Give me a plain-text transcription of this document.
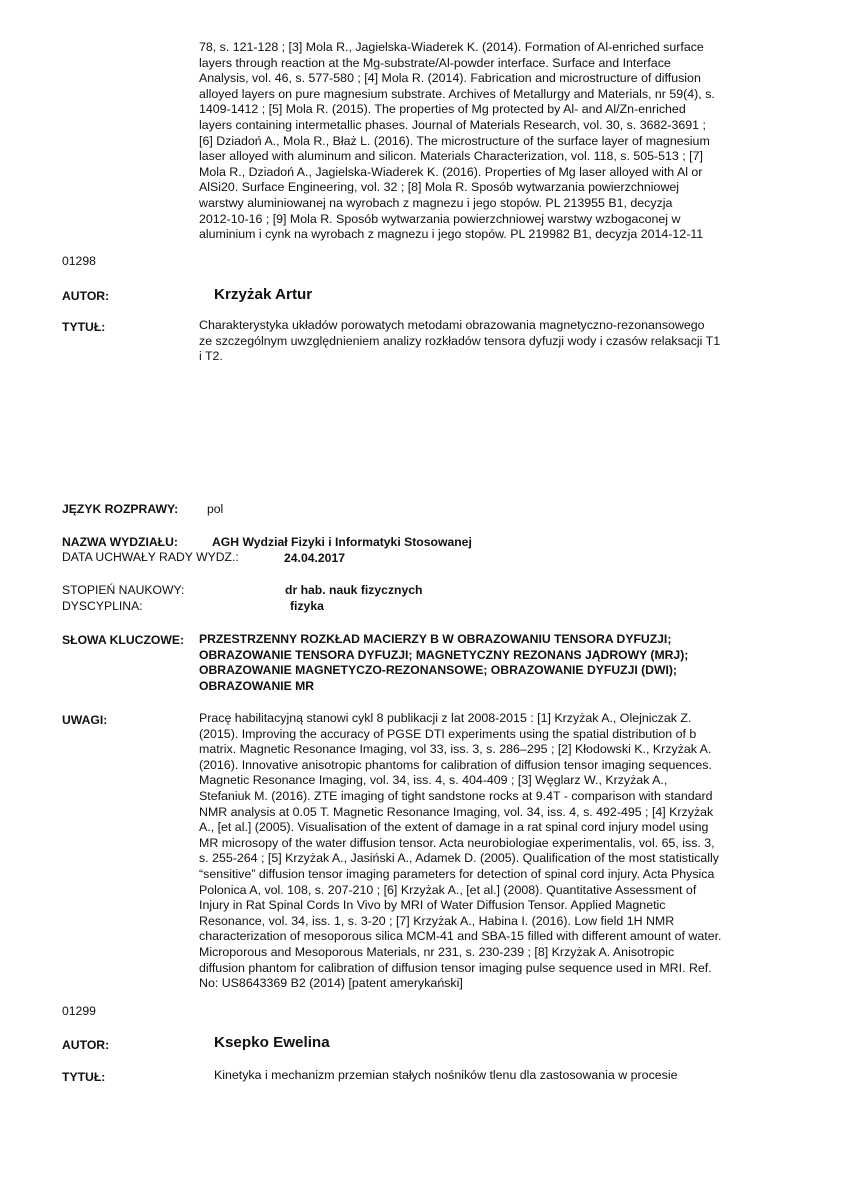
78, s. 121-128 ; [3] Mola R., Jagielska-Wiaderek K. (2014). Formation of Al-enriched surface
layers through reaction at the Mg-substrate/Al-powder interface. Surface and Interface
Analysis, vol. 46, s. 577-580 ; [4] Mola R. (2014). Fabrication and microstructure of diffusion
alloyed layers on pure magnesium substrate. Archives of Metallurgy and Materials, nr 59(4), s.
1409-1412 ; [5] Mola R. (2015). The properties of Mg protected by Al- and Al/Zn-enriched
layers containing intermetallic phases. Journal of Materials Research, vol. 30, s. 3682-3691 ;
[6] Dziadoń A., Mola R., Błaż L. (2016). The microstructure of the surface layer of magnesium
laser alloyed with aluminum and silicon. Materials Characterization, vol. 118, s. 505-513 ; [7]
Mola R., Dziadoń A., Jagielska-Wiaderek K. (2016). Properties of Mg laser alloyed with Al or
AlSi20. Surface Engineering, vol. 32 ; [8] Mola R. Sposób wytwarzania powierzchniowej
warstwy aluminiowanej na wyrobach z magnezu i jego stopów. PL 213955 B1, decyzja
2012-10-16 ; [9] Mola R. Sposób wytwarzania powierzchniowej warstwy wzbogaconej w
aluminium i cynk na wyrobach z magnezu i jego stopów. PL 219982 B1, decyzja 2014-12-11

01298
AUTOR:	Krzyżak Artur
TYTUŁ:	Charakterystyka układów porowatych metodami obrazowania magnetyczno-rezonansowego
ze szczególnym uwzględnieniem analizy rozkładów tensora dyfuzji wody i czasów relaksacji T1
i T2.

JĘZYK ROZPRAWY: pol
NAZWA WYDZIAŁU:	AGH Wydział Fizyki i Informatyki Stosowanej
DATA UCHWAŁY RADY WYDZ.:	24.04.2017
STOPIEŃ NAUKOWY:	dr hab. nauk fizycznych
DYSCYPLINA:	fizyka
SŁOWA KLUCZOWE: PRZESTRZENNY ROZKŁAD MACIERZY B W OBRAZOWANIU TENSORA DYFUZJI;
OBRAZOWANIE TENSORA DYFUZJI; MAGNETYCZNY REZONANS JĄDROWY (MRJ);
OBRAZOWANIE MAGNETYCZO-REZONANSOWE; OBRAZOWANIE DYFUZJI (DWI);
OBRAZOWANIE MR

UWAGI:	Pracę habilitacyjną stanowi cykl 8 publikacji z lat 2008-2015 : [1] Krzyżak A., Olejniczak Z.
(2015). Improving the accuracy of PGSE DTI experiments using the spatial distribution of b
matrix. Magnetic Resonance Imaging, vol 33, iss. 3, s. 286–295 ; [2] Kłodowski K., Krzyżak A.
(2016). Innovative anisotropic phantoms for calibration of diffusion tensor imaging sequences.
Magnetic Resonance Imaging, vol. 34, iss. 4, s. 404-409 ; [3] Węglarz W., Krzyżak A.,
Stefaniuk M. (2016). ZTE imaging of tight sandstone rocks at 9.4T - comparison with standard
NMR analysis at 0.05 T. Magnetic Resonance Imaging, vol. 34, iss. 4, s. 492-495 ; [4] Krzyżak
A., [et al.] (2005). Visualisation of the extent of damage in a rat spinal cord injury model using
MR microsopy of the water diffusion tensor. Acta neurobiologiae experimentalis, vol. 65, iss. 3,
s. 255-264 ; [5] Krzyżak A., Jasiński A., Adamek D. (2005). Qualification of the most statistically
“sensitive” diffusion tensor imaging parameters for detection of spinal cord injury. Acta Physica
Polonica A, vol. 108, s. 207-210 ; [6] Krzyżak A., [et al.] (2008). Quantitative Assessment of
Injury in Rat Spinal Cords In Vivo by MRI of Water Diffusion Tensor. Applied Magnetic
Resonance, vol. 34, iss. 1, s. 3-20 ; [7] Krzyżak A., Habina I. (2016). Low field 1H NMR
characterization of mesoporous silica MCM-41 and SBA-15 filled with different amount of water.
Microporous and Mesoporous Materials, nr 231, s. 230-239 ; [8] Krzyżak A. Anisotropic
diffusion phantom for calibration of diffusion tensor imaging pulse sequence used in MRI. Ref.
No: US8643369 B2 (2014) [patent amerykański]

01299
AUTOR:	Ksepko Ewelina
TYTUŁ:	Kinetyka i mechanizm przemian stałych nośników tlenu dla zastosowania w procesie
